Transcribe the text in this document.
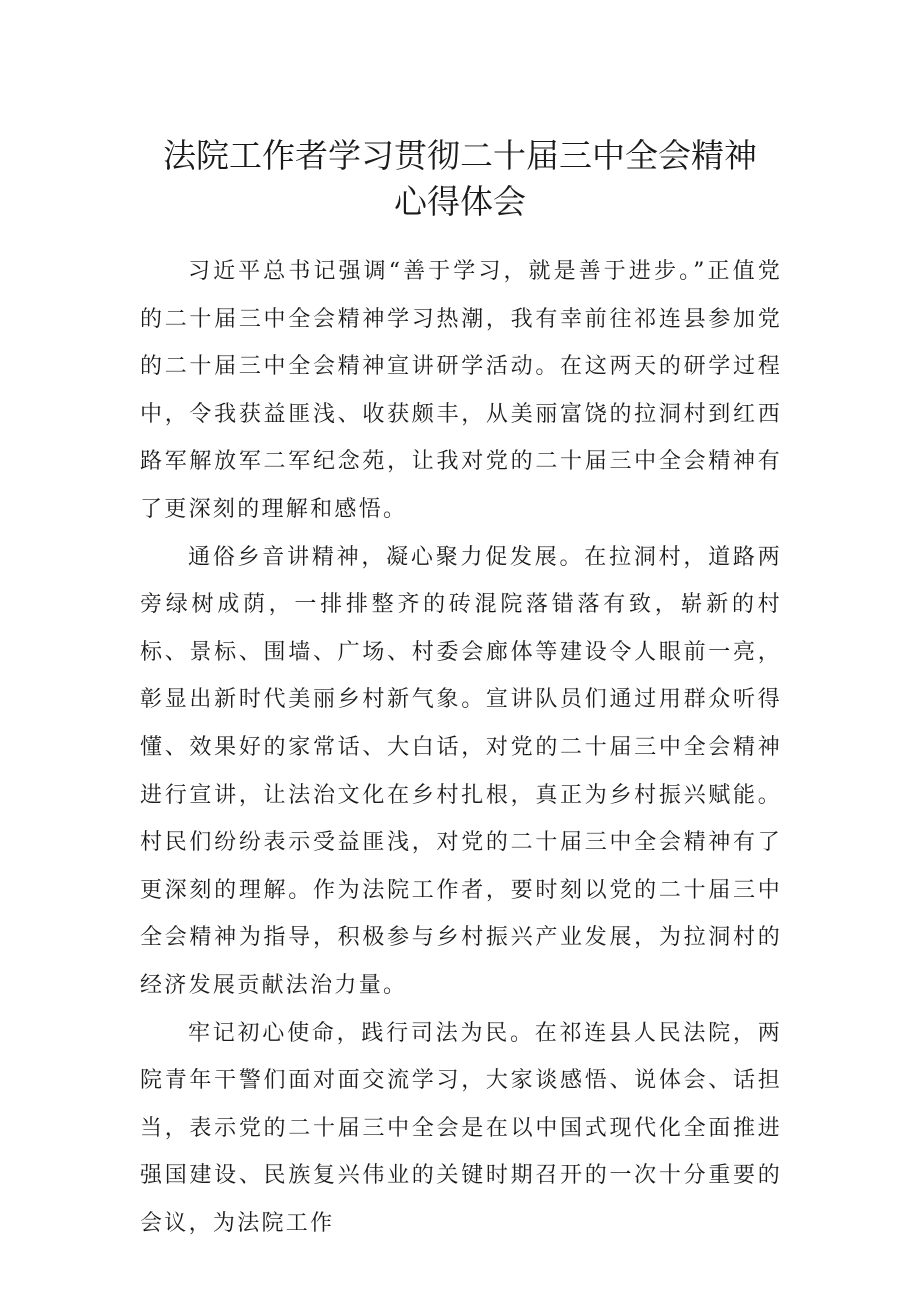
法院工作者学习贯彻二十届三中全会精神
心得体会

习近平总书记强调“善于学习，就是善于进步。”正值党的二十届三中全会精神学习热潮，我有幸前往祁连县参加党的二十届三中全会精神宣讲研学活动。在这两天的研学过程中，令我获益匪浅、收获颇丰，从美丽富饶的拉洞村到红西路军解放军二军纪念苑，让我对党的二十届三中全会精神有了更深刻的理解和感悟。

通俗乡音讲精神，凝心聚力促发展。在拉洞村，道路两旁绿树成荫，一排排整齐的砖混院落错落有致，崭新的村标、景标、围墙、广场、村委会廊体等建设令人眼前一亮，彰显出新时代美丽乡村新气象。宣讲队员们通过用群众听得懂、效果好的家常话、大白话，对党的二十届三中全会精神进行宣讲，让法治文化在乡村扎根，真正为乡村振兴赋能。村民们纷纷表示受益匪浅，对党的二十届三中全会精神有了更深刻的理解。作为法院工作者，要时刻以党的二十届三中全会精神为指导，积极参与乡村振兴产业发展，为拉洞村的经济发展贡献法治力量。

牢记初心使命，践行司法为民。在祁连县人民法院，两院青年干警们面对面交流学习，大家谈感悟、说体会、话担当，表示党的二十届三中全会是在以中国式现代化全面推进强国建设、民族复兴伟业的关键时期召开的一次十分重要的会议，为法院工作
